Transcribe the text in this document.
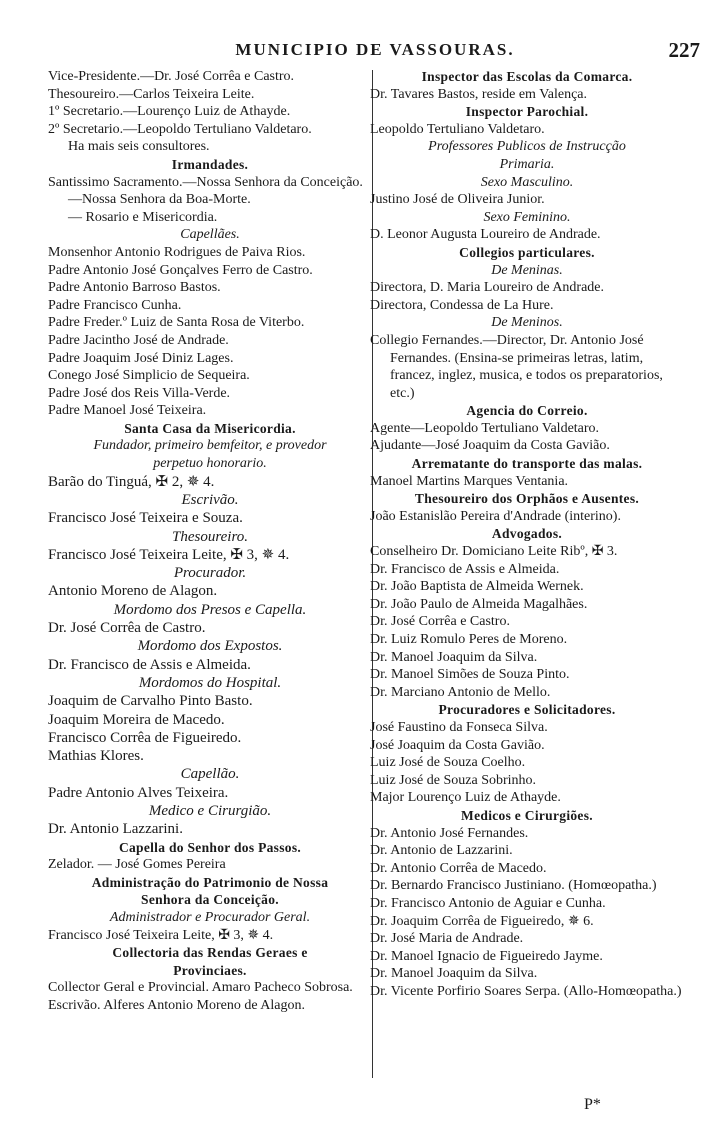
MUNICIPIO DE VASSOURAS.	227
Vice-Presidente.—Dr. José Corrêa e Castro.
Thesoureiro.—Carlos Teixeira Leite.
1º Secretario.—Lourenço Luiz de Athayde.
2º Secretario.—Leopoldo Tertuliano Valdetaro.
Ha mais seis consultores.
Irmandades.
Santissimo Sacramento.—Nossa Senhora da Conceição.—Nossa Senhora da Boa-Morte.
— Rosario e Misericordia.
Capellães.
Monsenhor Antonio Rodrigues de Paiva Rios.
Padre Antonio José Gonçalves Ferro de Castro.
Padre Antonio Barroso Bastos.
Padre Francisco Cunha.
Padre Freder.º Luiz de Santa Rosa de Viterbo.
Padre Jacintho José de Andrade.
Padre Joaquim José Diniz Lages.
Conego José Simplicio de Sequeira.
Padre José dos Reis Villa-Verde.
Padre Manoel José Teixeira.
Santa Casa da Misericordia.
Fundador, primeiro bemfeitor, e provedor
perpetuo honorario.
Barão do Tinguá, ✠ 2, ✵ 4.
Escrivão.
Francisco José Teixeira e Souza.
Thesoureiro.
Francisco José Teixeira Leite, ✠ 3, ✵ 4.
Procurador.
Antonio Moreno de Alagon.
Mordomo dos Presos e Capella.
Dr. José Corrêa de Castro.
Mordomo dos Expostos.
Dr. Francisco de Assis e Almeida.
Mordomos do Hospital.
Joaquim de Carvalho Pinto Basto.
Joaquim Moreira de Macedo.
Francisco Corrêa de Figueiredo.
Mathias Klores.
Capellão.
Padre Antonio Alves Teixeira.
Medico e Cirurgião.
Dr. Antonio Lazzarini.
Capella do Senhor dos Passos.
Zelador. — José Gomes Pereira
Administração do Patrimonio de Nossa
Senhora da Conceição.
Administrador e Procurador Geral.
Francisco José Teixeira Leite, ✠ 3, ✵ 4.
Collectoria das Rendas Geraes e
Provinciaes.
Collector Geral e Provincial. Amaro Pacheco Sobrosa.
Escrivão. Alferes Antonio Moreno de Alagon.
Inspector das Escolas da Comarca.
Dr. Tavares Bastos, reside em Valença.
Inspector Parochial.
Leopoldo Tertuliano Valdetaro.
Professores Publicos de Instrucção
Primaria.
Sexo Masculino.
Justino José de Oliveira Junior.
Sexo Feminino.
D. Leonor Augusta Loureiro de Andrade.
Collegios particulares.
De Meninas.
Directora, D. Maria Loureiro de Andrade.
Directora, Condessa de La Hure.
De Meninos.
Collegio Fernandes.—Director, Dr. Antonio José Fernandes. (Ensina-se primeiras letras, latim, francez, inglez, musica, e todos os preparatorios, etc.)
Agencia do Correio.
Agente—Leopoldo Tertuliano Valdetaro.
Ajudante—José Joaquim da Costa Gavião.
Arrematante do transporte das malas.
Manoel Martins Marques Ventania.
Thesoureiro dos Orphãos e Ausentes.
João Estanislão Pereira d'Andrade (interino).
Advogados.
Conselheiro Dr. Domiciano Leite Ribº, ✠ 3.
Dr. Francisco de Assis e Almeida.
Dr. João Baptista de Almeida Wernek.
Dr. João Paulo de Almeida Magalhães.
Dr. José Corrêa e Castro.
Dr. Luiz Romulo Peres de Moreno.
Dr. Manoel Joaquim da Silva.
Dr. Manoel Simões de Souza Pinto.
Dr. Marciano Antonio de Mello.
Procuradores e Solicitadores.
José Faustino da Fonseca Silva.
José Joaquim da Costa Gavião.
Luiz José de Souza Coelho.
Luiz José de Souza Sobrinho.
Major Lourenço Luiz de Athayde.
Medicos e Cirurgiões.
Dr. Antonio José Fernandes.
Dr. Antonio de Lazzarini.
Dr. Antonio Corrêa de Macedo.
Dr. Bernardo Francisco Justiniano. (Homœopatha.)
Dr. Francisco Antonio de Aguiar e Cunha.
Dr. Joaquim Corrêa de Figueiredo, ✵ 6.
Dr. José Maria de Andrade.
Dr. Manoel Ignacio de Figueiredo Jayme.
Dr. Manoel Joaquim da Silva.
Dr. Vicente Porfirio Soares Serpa. (Allo-Homœopatha.)
P*
